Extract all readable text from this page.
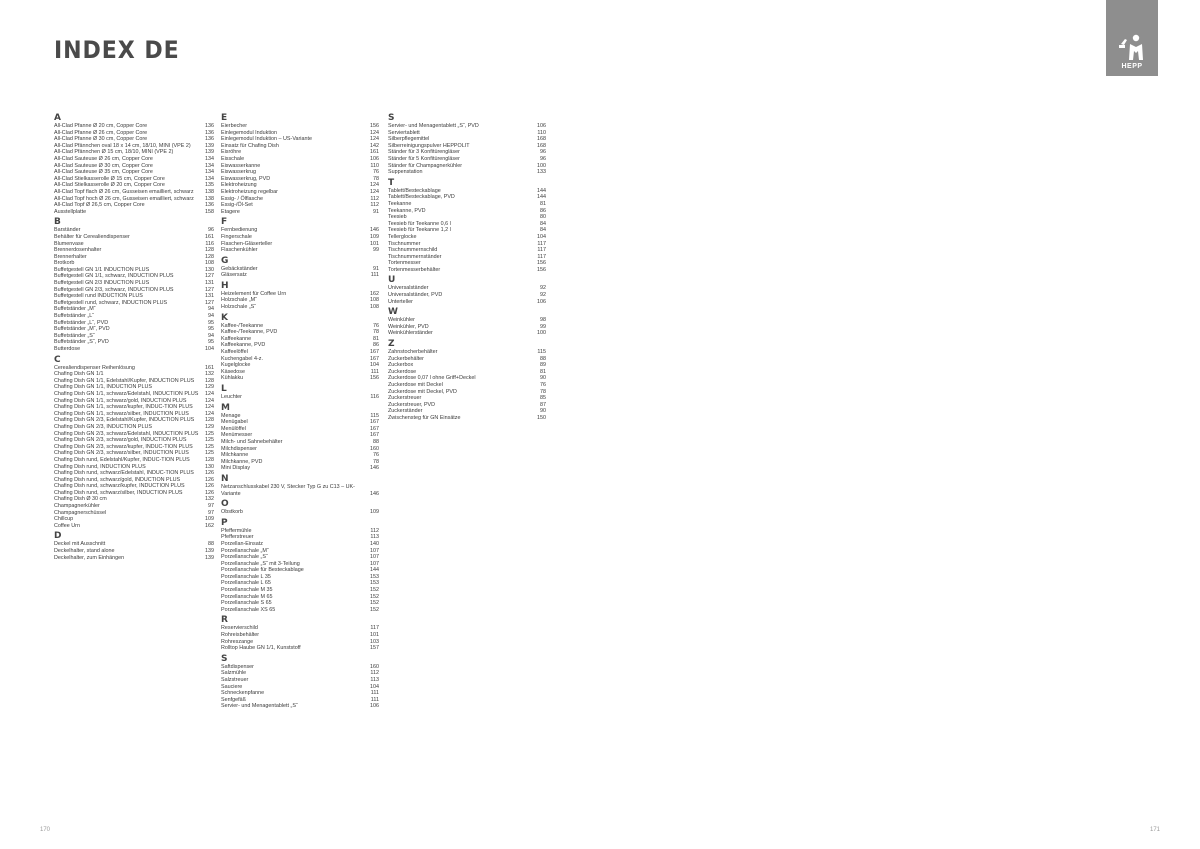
INDEX DE
HEPP
A
All-Clad Pfanne Ø 20 cm, Copper Core	136
All-Clad Pfanne Ø 26 cm, Copper Core	136
All-Clad Pfanne Ø 30 cm, Copper Core	136
All-Clad Pfännchen oval 18 x 14 cm, 18/10, MINI (VPE 2)	139
All-Clad Pfännchen Ø 15 cm, 18/10, MINI (VPE 2)	139
All-Clad Sauteuse Ø 26 cm, Copper Core	134
All-Clad Sauteuse Ø 30 cm, Copper Core	134
All-Clad Sauteuse Ø 35 cm, Copper Core	134
All-Clad Stielkasserolle Ø 15 cm, Copper Core	134
All-Clad Stielkasserolle Ø 20 cm, Copper Core	135
All-Clad Topf flach Ø 26 cm, Gusseisen emailliert, schwarz	138
All-Clad Topf hoch Ø 26 cm, Gusseisen emailliert, schwarz	138
All-Clad Topf Ø 26,5 cm, Copper Core	136
Ausstellplatte	158
B
Barständer	96
Behälter für Cerealiendispenser	161
Blumenvase	116
Brennerdosenhalter	128
Brennerhalter	128
Brotkorb	108
Buffetgestell GN 1/1 INDUCTION PLUS	130
Buffetgestell GN 1/1, schwarz, INDUCTION PLUS	127
Buffetgestell GN 2/3 INDUCTION PLUS	131
Buffetgestell GN 2/3, schwarz, INDUCTION PLUS	127
Buffetgestell rund INDUCTION PLUS	131
Buffetgestell rund, schwarz, INDUCTION PLUS	127
Buffetständer „M“	94
Buffetständer „L“	94
Buffetständer „L“, PVD	95
Buffetständer „M“, PVD	95
Buffetständer „S“	94
Buffetständer „S“, PVD	95
Butterdose	104
C
Cerealiendispenser Reihenlösung	161
Chafing Dish GN 1/1	132
Chafing Dish GN 1/1, Edelstahl/Kupfer, INDUCTION PLUS	128
Chafing Dish GN 1/1, INDUCTION PLUS	129
Chafing Dish GN 1/1, schwarz/Edelstahl, INDUCTION PLUS	124
Chafing Dish GN 1/1, schwarz/gold, INDUCTION PLUS	124
Chafing Dish GN 1/1, schwarz/kupfer, INDUC-TION PLUS	124
Chafing Dish GN 1/1, schwarz/silber, INDUCTION PLUS	124
Chafing Dish GN 2/3, Edelstahl/Kupfer, INDUCTION PLUS	128
Chafing Dish GN 2/3, INDUCTION PLUS	129
Chafing Dish GN 2/3, schwarz/Edelstahl, INDUCTION PLUS	125
Chafing Dish GN 2/3, schwarz/gold, INDUCTION PLUS	125
Chafing Dish GN 2/3, schwarz/kupfer, INDUC-TION PLUS	125
Chafing Dish GN 2/3, schwarz/silber, INDUCTION PLUS	125
Chafing Dish rund, Edelstahl/Kupfer, INDUC-TION PLUS	128
Chafing Dish rund, INDUCTION PLUS	130
Chafing Dish rund, schwarz/Edelstahl, INDUC-TION PLUS	126
Chafing Dish rund, schwarz/gold, INDUCTION PLUS	126
Chafing Dish rund, schwarz/kupfer, INDUCTION PLUS	126
Chafing Dish rund, schwarz/silber, INDUCTION PLUS	126
Chafing Dish Ø 30 cm	132
Champagnerkühler	97
Champagnerschüssel	97
Chillcup	109
Coffee Urn	162
D
Deckel mit Ausschnitt	88
Deckelhalter, stand alone	139
Deckelhalter, zum Einhängen	139
E
Eierbecher	156
Einlegemodul Induktion	124
Einlegemodul Induktion – US-Variante	124
Einsatz für Chafing Dish	142
Eisröhre	161
Eisschale	106
Eiswasserkanne	110
Eiswasserkrug	76
Eiswasserkrug, PVD	78
Elektroheizung	124
Elektroheizung regelbar	124
Essig- / Ölflasche	112
Essig-/Öl-Set	112
Etagere	91
F
Fernbedienung	146
Fingerschale	109
Flaschen-Gläserteller	101
Flaschenkühler	99
G
Gebäckständer	91
Gläsersatz	111
H
Heizelement für Coffee Urn	162
Holzschale „M“	108
Holzschale „S“	108
K
Kaffee-/Teekanne	76
Kaffee-/Teekanne, PVD	78
Kaffeekanne	81
Kaffeekanne, PVD	86
Kaffeelöffel	167
Kuchengabel 4-z.	167
Kugelglocke	104
Käsedose	111
Kühlakku	156
L
Leuchter	116
M
Menage	115
Menügabel	167
Menülöffel	167
Menümesser	167
Milch- und Sahnebehälter	88
Milchdispenser	160
Milchkanne	76
Milchkanne, PVD	78
Mini Display	146
N
Netzanschlusskabel 230 V, Stecker Typ G zu C13 – UK-Variante	146
O
Obstkorb	109
P
Pfeffermühle	112
Pfefferstreuer	113
Porzellan-Einsatz	140
Porzellanschale „M“	107
Porzellanschale „S“	107
Porzellanschale „S“ mit 3-Teilung	107
Porzellanschale für Besteckablage	144
Porzellanschale L 35	153
Porzellanschale L 65	153
Porzellanschale M 35	152
Porzellanschale M 65	152
Porzellanschale S 65	152
Porzellanschale XS 65	152
R
Reservierschild	117
Rohreisbehälter	101
Rohreszange	103
Rolltop Haube GN 1/1, Kunststoff	157
S
Saftdispenser	160
Salzmühle	112
Salzstreuer	113
Sauciere	104
Schneckenpfanne	111
Senfgefäß	111
Servier- und Menagentablett „S“	106
S
Servier- und Menagentablett „S“, PVD	106
Serviertablett	110
Silberpflegemittel	168
Silberreinigungspulver HEPPOLIT	168
Ständer für 3 Konfitürengläser	96
Ständer für 5 Konfitürengläser	96
Ständer für Champagnerkühler	100
Suppenstation	133
T
Tablett/Besteckablage	144
Tablett/Besteckablage, PVD	144
Teekanne	81
Teekanne, PVD	86
Teesieb	80
Teesieb für Teekanne 0,6 l	84
Teesieb für Teekanne 1,2 l	84
Tellerglocke	104
Tischnummer	117
Tischnummernschild	117
Tischnummernständer	117
Tortenmesser	156
Tortenmesserbehälter	156
U
Universalständer	92
Universalständer, PVD	92
Unterteller	106
W
Weinkühler	98
Weinkühler, PVD	99
Weinkühlerständer	100
Z
Zahnstocherbehälter	115
Zuckerbehälter	88
Zuckerbox	89
Zuckerdose	81
Zuckerdose 0,07 l ohne Griff+Deckel	90
Zuckerdose mit Deckel	76
Zuckerdose mit Deckel, PVD	78
Zuckerstreuer	85
Zuckerstreuer, PVD	87
Zuckerständer	90
Zwischensteg für GN Einsätze	150
170	171
